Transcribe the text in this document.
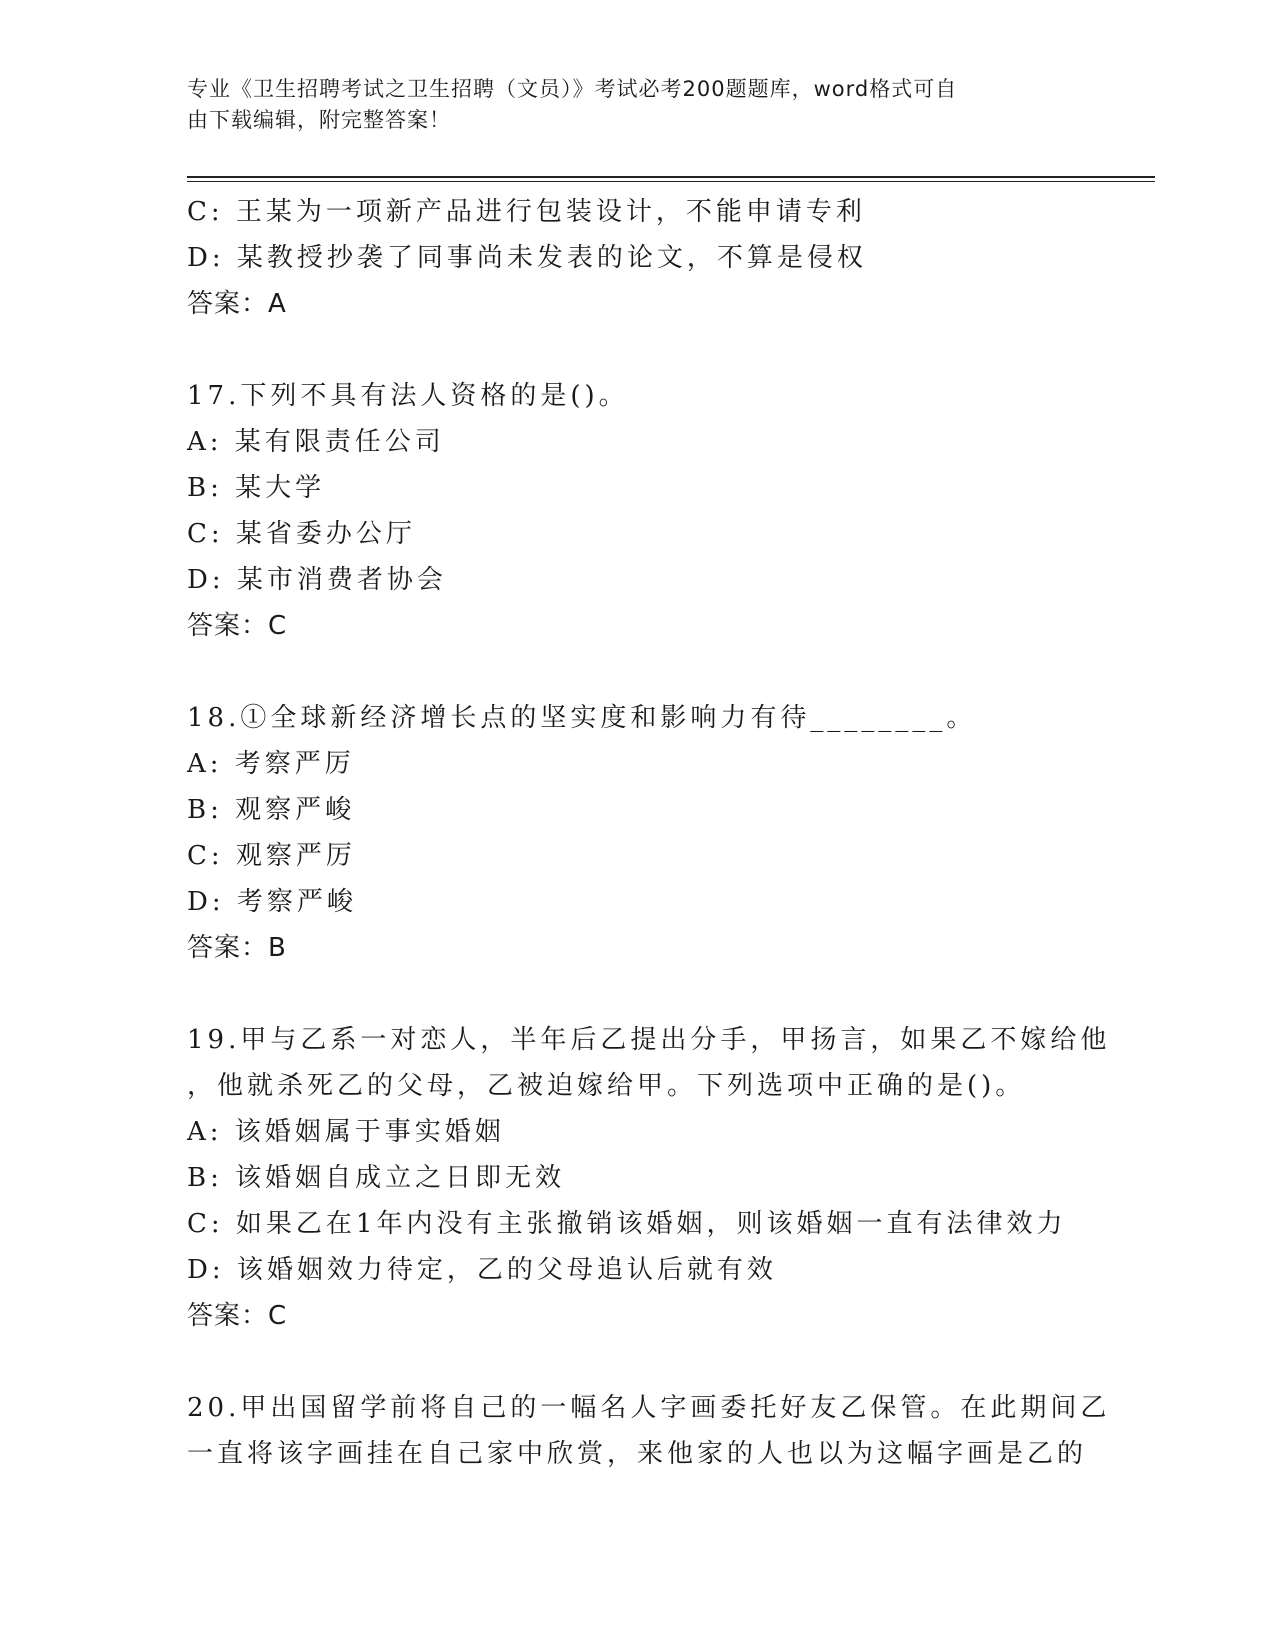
专业《卫生招聘考试之卫生招聘（文员）》考试必考200题题库，word格式可自
由下载编辑，附完整答案！
C: 王某为一项新产品进行包装设计，不能申请专利
D: 某教授抄袭了同事尚未发表的论文，不算是侵权
答案：A
17.下列不具有法人资格的是()。
A: 某有限责任公司
B: 某大学
C: 某省委办公厅
D: 某市消费者协会
答案：C
18.①全球新经济增长点的坚实度和影响力有待________。
A: 考察严厉
B: 观察严峻
C: 观察严厉
D: 考察严峻
答案：B
19.甲与乙系一对恋人，半年后乙提出分手，甲扬言，如果乙不嫁给他
，他就杀死乙的父母，乙被迫嫁给甲。下列选项中正确的是()。
A: 该婚姻属于事实婚姻
B: 该婚姻自成立之日即无效
C: 如果乙在1年内没有主张撤销该婚姻，则该婚姻一直有法律效力
D: 该婚姻效力待定，乙的父母追认后就有效
答案：C
20.甲出国留学前将自己的一幅名人字画委托好友乙保管。在此期间乙
一直将该字画挂在自己家中欣赏，来他家的人也以为这幅字画是乙的
